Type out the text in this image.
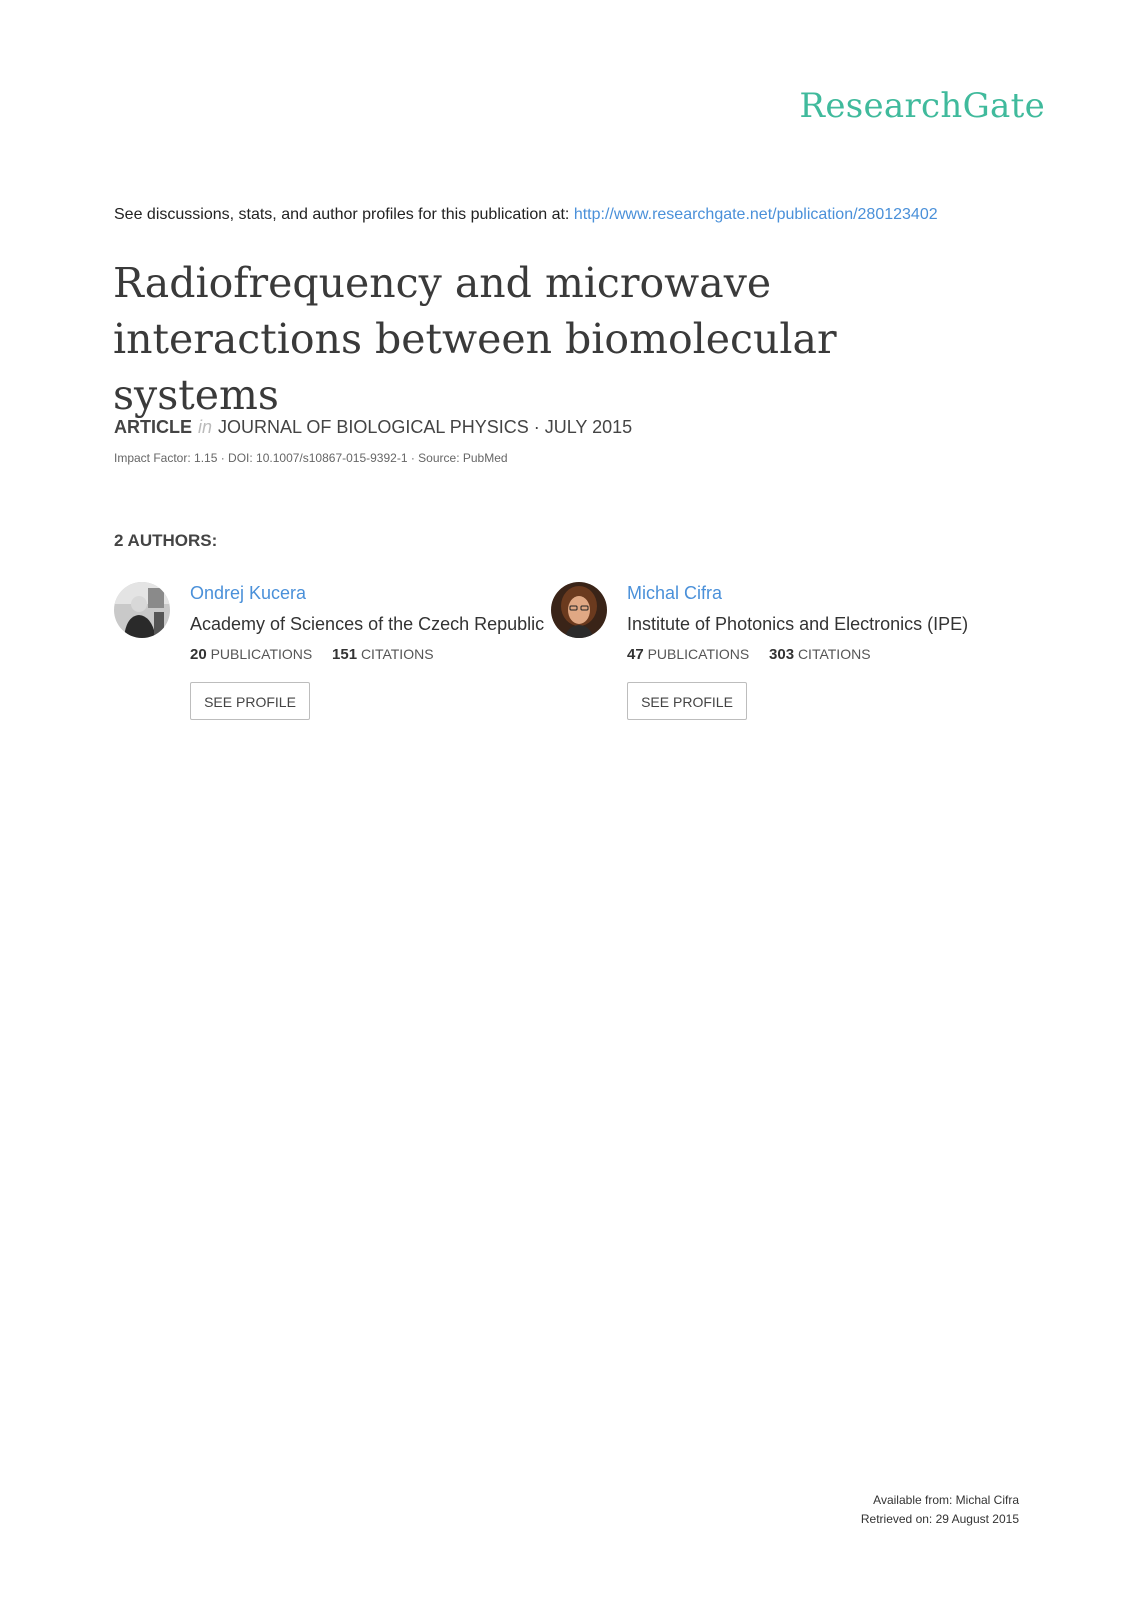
ResearchGate
See discussions, stats, and author profiles for this publication at: http://www.researchgate.net/publication/280123402
Radiofrequency and microwave interactions between biomolecular systems
ARTICLE in JOURNAL OF BIOLOGICAL PHYSICS · JULY 2015
Impact Factor: 1.15 · DOI: 10.1007/s10867-015-9392-1 · Source: PubMed
2 AUTHORS:
Ondrej Kucera
Academy of Sciences of the Czech Republic
20 PUBLICATIONS 151 CITATIONS
SEE PROFILE
Michal Cifra
Institute of Photonics and Electronics (IPE)
47 PUBLICATIONS 303 CITATIONS
SEE PROFILE
Available from: Michal Cifra
Retrieved on: 29 August 2015
